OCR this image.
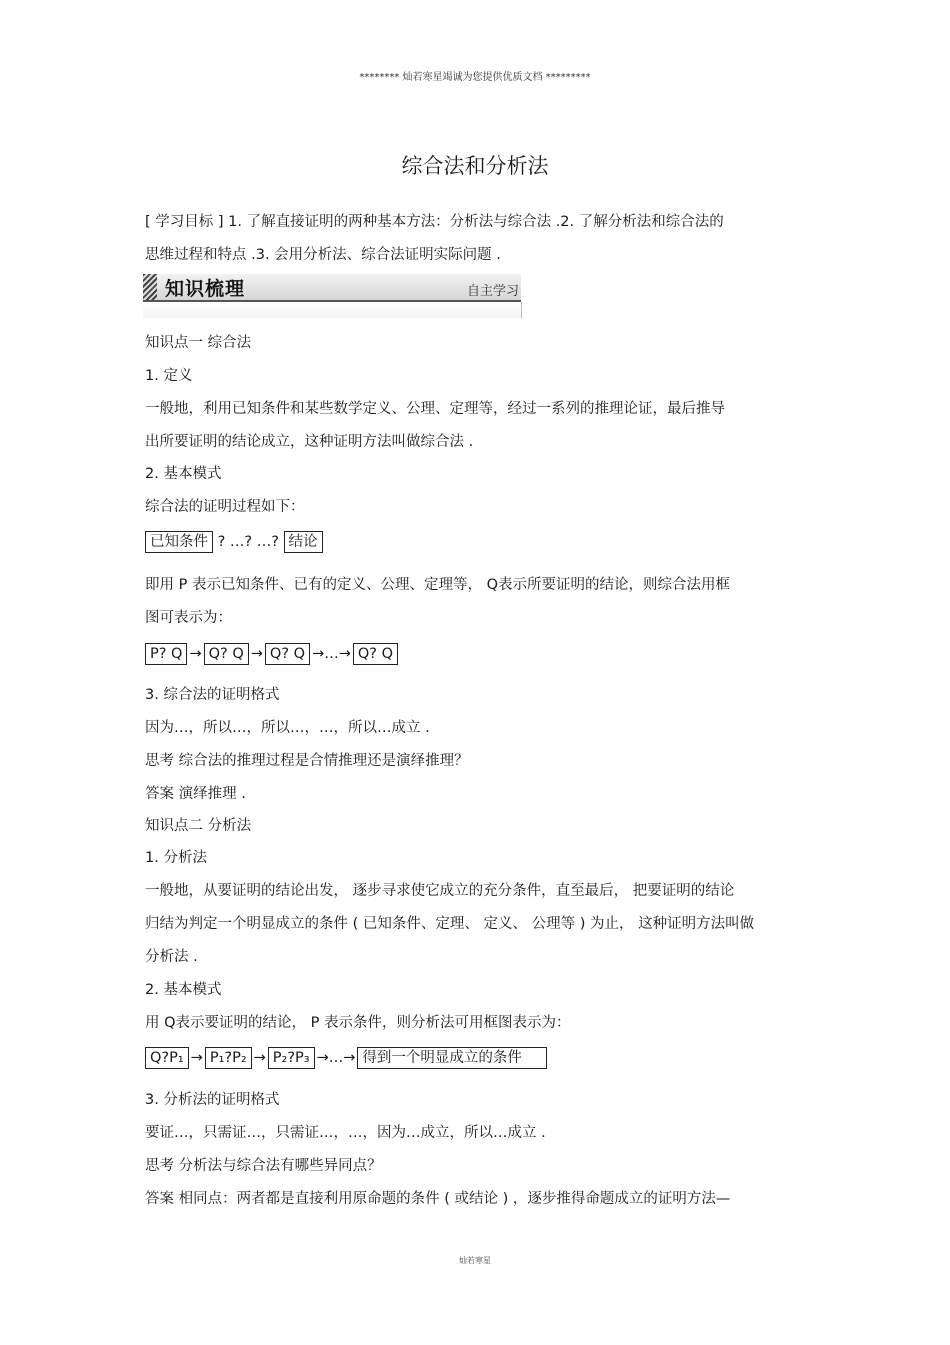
******** 灿若寒星竭诚为您提供优质文档 *********
综合法和分析法
[ 学习目标 ] 1. 了解直接证明的两种基本方法：分析法与综合法 .2. 了解分析法和综合法的
思维过程和特点 .3. 会用分析法、综合法证明实际问题 .
知识梳理	自主学习
知识点一 综合法
1. 定义
一般地，利用已知条件和某些数学定义、公理、定理等，经过一系列的推理论证，最后推导
出所要证明的结论成立，这种证明方法叫做综合法 .
2. 基本模式
综合法的证明过程如下：
已知条件 ? …? …? 结论
即用 P 表示已知条件、已有的定义、公理、定理等， Q表示所要证明的结论，则综合法用框
图可表示为：
P? Q → Q? Q → Q? Q →…→ Q? Q
3. 综合法的证明格式
因为…，所以…，所以…，…，所以…成立 .
思考 综合法的推理过程是合情推理还是演绎推理？
答案 演绎推理 .
知识点二 分析法
1. 分析法
一般地，从要证明的结论出发， 逐步寻求使它成立的充分条件，直至最后， 把要证明的结论
归结为判定一个明显成立的条件 ( 已知条件、定理、 定义、 公理等 ) 为止， 这种证明方法叫做
分析法 .
2. 基本模式
用 Q表示要证明的结论， P 表示条件，则分析法可用框图表示为：
Q?P₁ → P₁?P₂ → P₂?P₃ →…→ 得到一个明显成立的条件
3. 分析法的证明格式
要证…，只需证…，只需证…，…，因为…成立，所以…成立 .
思考 分析法与综合法有哪些异同点？
答案 相同点：两者都是直接利用原命题的条件 ( 或结论 ) ，逐步推得命题成立的证明方法—
灿若寒星
